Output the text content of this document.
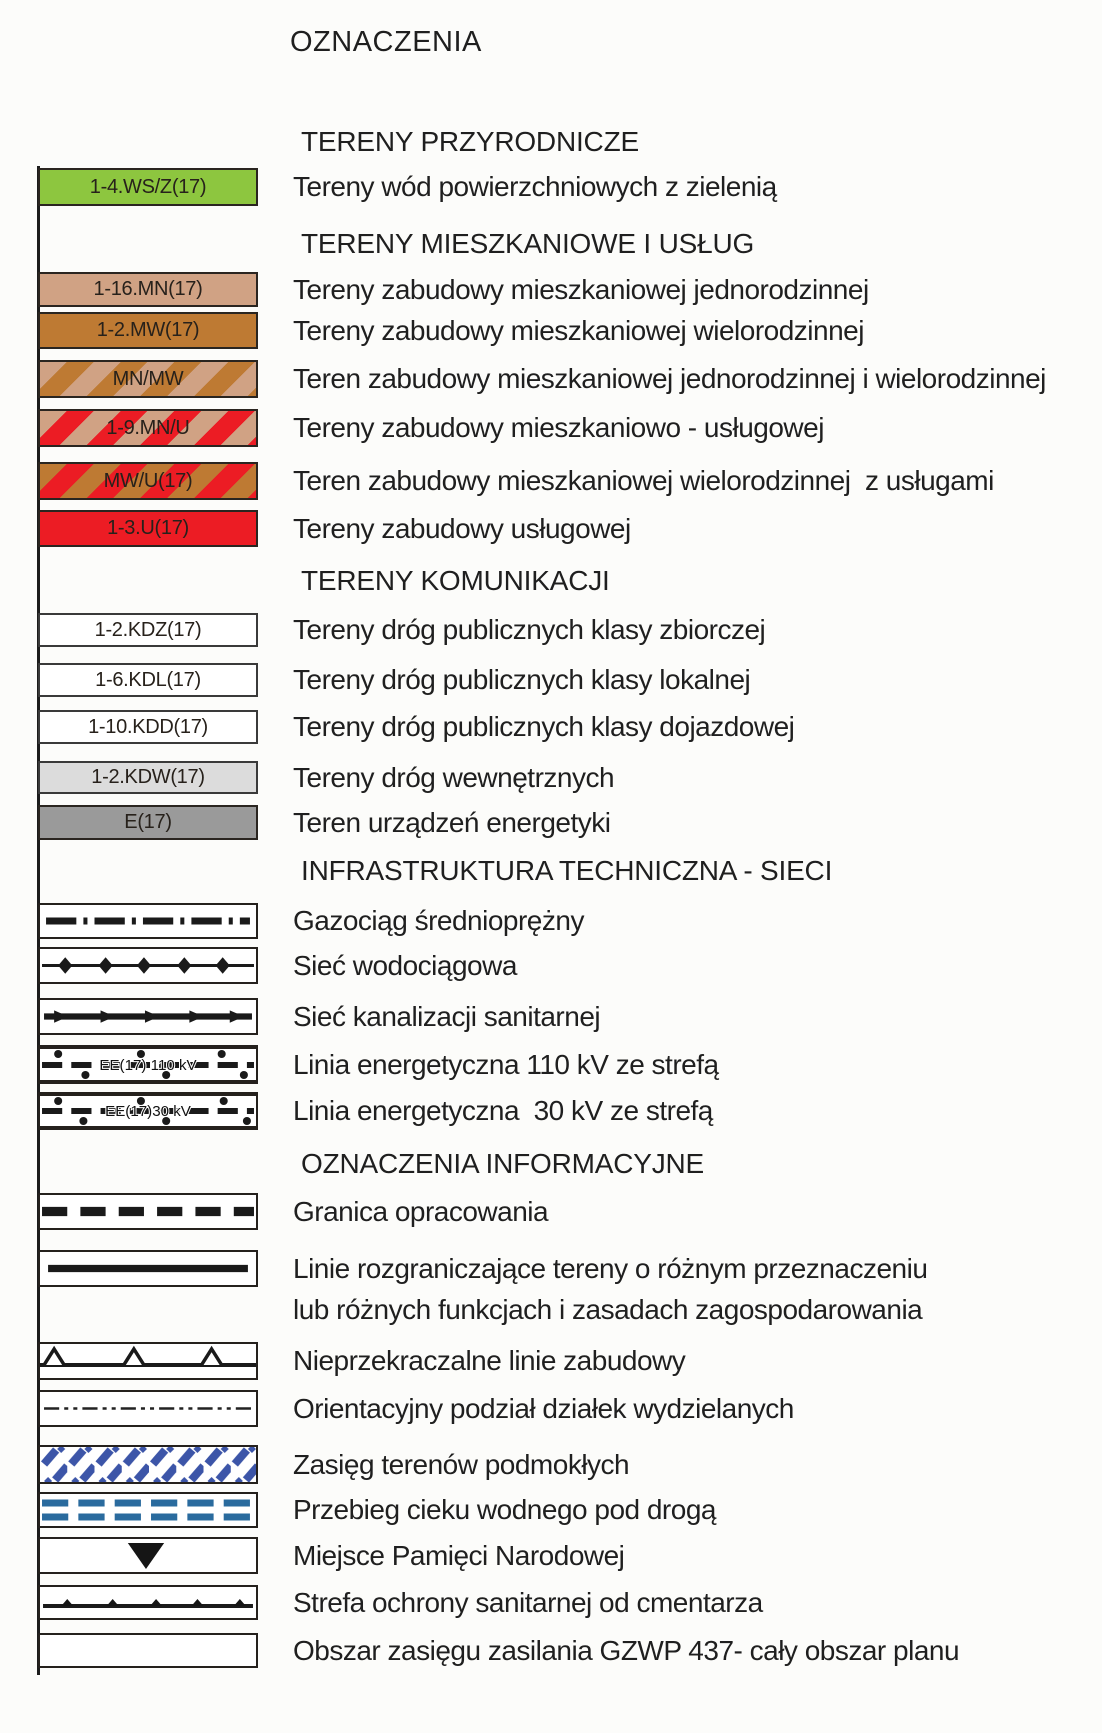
OZNACZENIA
TERENY PRZYRODNICZE
1-4.WS/Z(17)	Tereny wód powierzchniowych z zielenią
TERENY MIESZKANIOWE I USŁUG
1-16.MN(17)	Tereny zabudowy mieszkaniowej jednorodzinnej
1-2.MW(17)	Tereny zabudowy mieszkaniowej wielorodzinnej
MN/MW	Teren zabudowy mieszkaniowej jednorodzinnej i wielorodzinnej
1-9.MN/U	Tereny zabudowy mieszkaniowo - usługowej
MW/U(17)	Teren zabudowy mieszkaniowej wielorodzinnej  z usługami
1-3.U(17)	Tereny zabudowy usługowej
TERENY KOMUNIKACJI
1-2.KDZ(17)	Tereny dróg publicznych klasy zbiorczej
1-6.KDL(17)	Tereny dróg publicznych klasy lokalnej
1-10.KDD(17)	Tereny dróg publicznych klasy dojazdowej
1-2.KDW(17)	Tereny dróg wewnętrznych
E(17)	Teren urządzeń energetyki
INFRASTRUKTURA TECHNICZNA - SIECI
Gazociąg średnioprężny
Sieć wodociągowa
Sieć kanalizacji sanitarnej
EE(17) 110 kV	Linia energetyczna 110 kV ze strefą
EE(17)30 kV	Linia energetyczna  30 kV ze strefą
OZNACZENIA INFORMACYJNE
Granica opracowania
Linie rozgraniczające tereny o różnym przeznaczeniu
lub różnych funkcjach i zasadach zagospodarowania
Nieprzekraczalne linie zabudowy
Orientacyjny podział działek wydzielanych
Zasięg terenów podmokłych
Przebieg cieku wodnego pod drogą
Miejsce Pamięci Narodowej
Strefa ochrony sanitarnej od cmentarza
Obszar zasięgu zasilania GZWP 437- cały obszar planu
